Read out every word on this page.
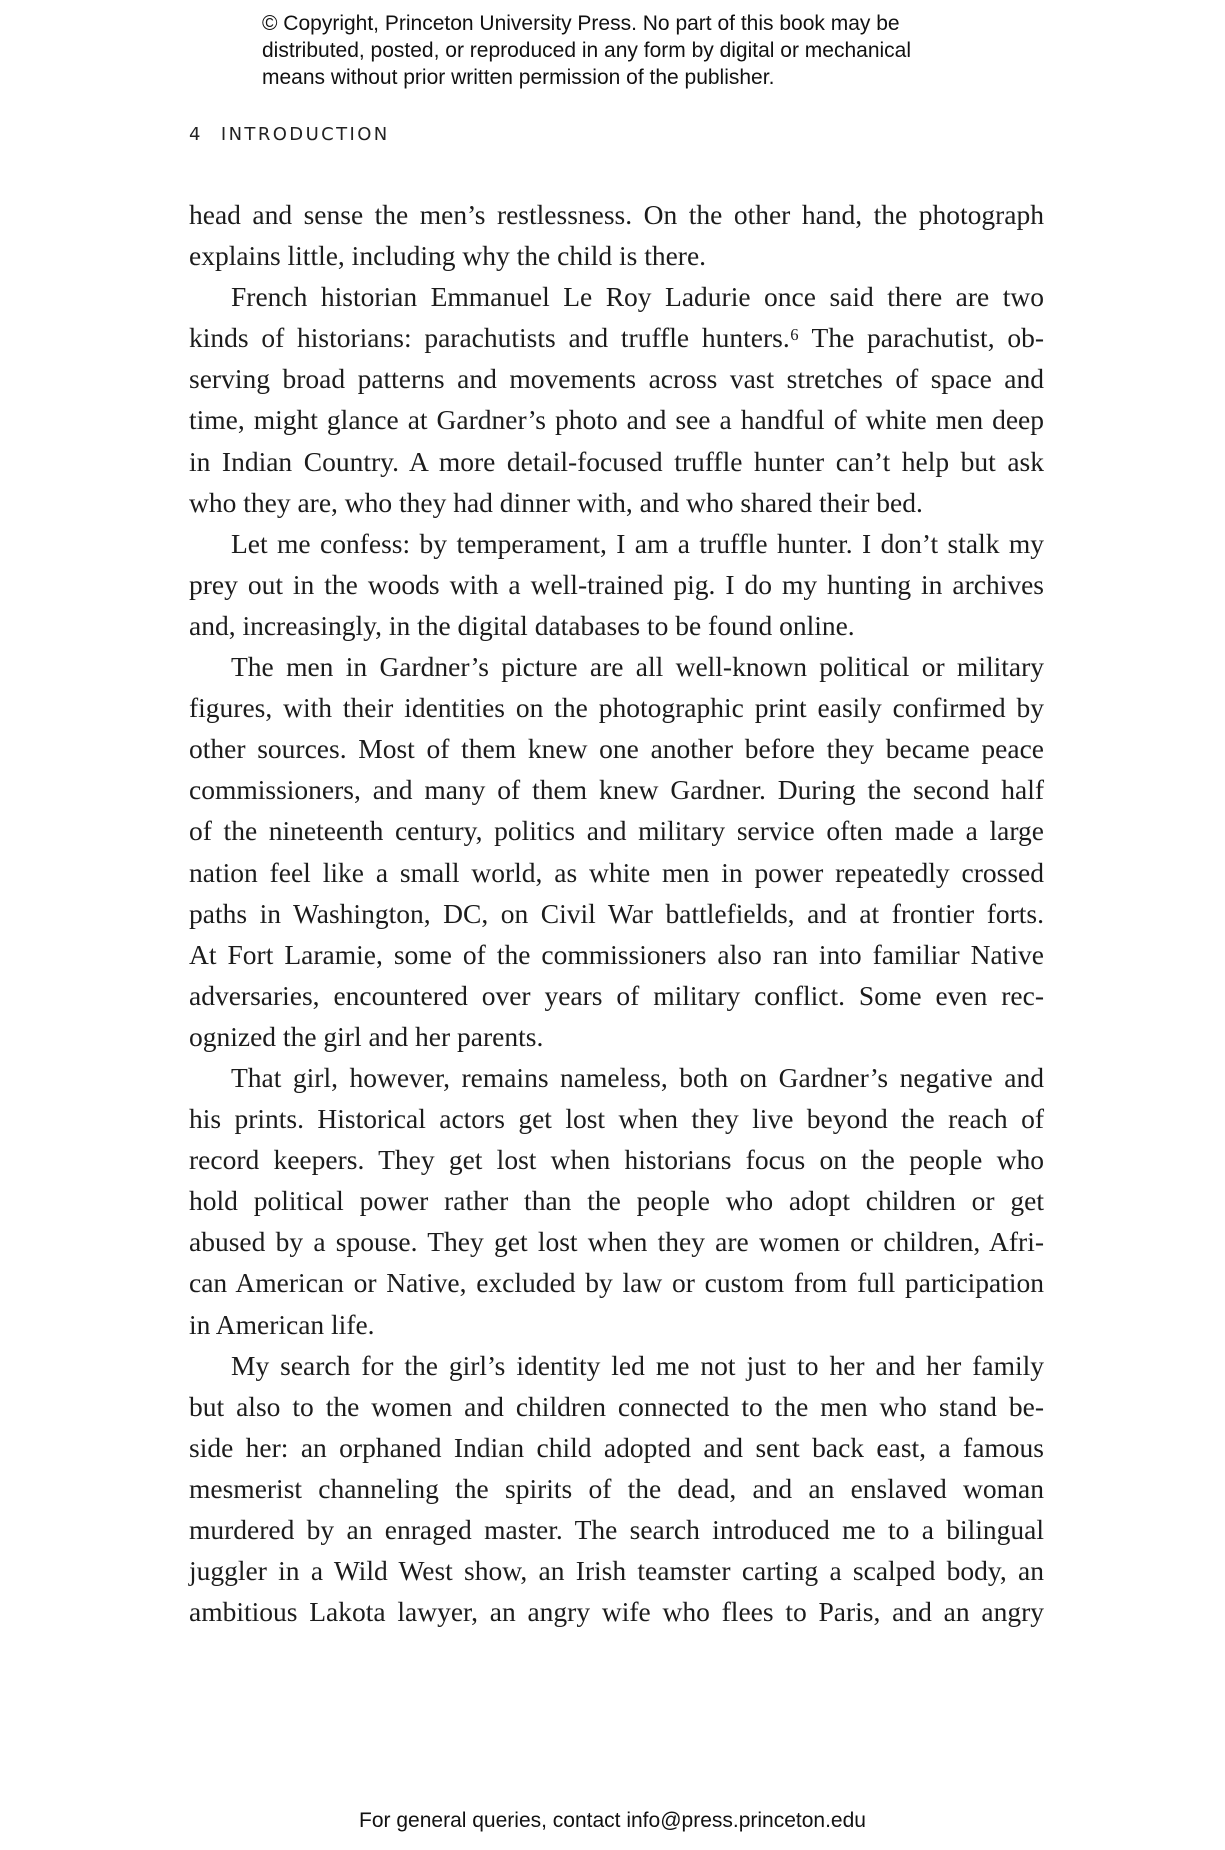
© Copyright, Princeton University Press. No part of this book may be
distributed, posted, or reproduced in any form by digital or mechanical
means without prior written permission of the publisher.
4 INTRODUCTION
head and sense the men’s restlessness. On the other hand, the photograph
explains little, including why the child is there.
French historian Emmanuel Le Roy Ladurie once said there are two
kinds of historians: parachutists and truffle hunters.⁶ The parachutist, ob-
serving broad patterns and movements across vast stretches of space and
time, might glance at Gardner’s photo and see a handful of white men deep
in Indian Country. A more detail-focused truffle hunter can’t help but ask
who they are, who they had dinner with, and who shared their bed.
Let me confess: by temperament, I am a truffle hunter. I don’t stalk my
prey out in the woods with a well-trained pig. I do my hunting in archives
and, increasingly, in the digital databases to be found online.
The men in Gardner’s picture are all well-known political or military
figures, with their identities on the photographic print easily confirmed by
other sources. Most of them knew one another before they became peace
commissioners, and many of them knew Gardner. During the second half
of the nineteenth century, politics and military service often made a large
nation feel like a small world, as white men in power repeatedly crossed
paths in Washington, DC, on Civil War battlefields, and at frontier forts.
At Fort Laramie, some of the commissioners also ran into familiar Native
adversaries, encountered over years of military conflict. Some even rec-
ognized the girl and her parents.
That girl, however, remains nameless, both on Gardner’s negative and
his prints. Historical actors get lost when they live beyond the reach of
record keepers. They get lost when historians focus on the people who
hold political power rather than the people who adopt children or get
abused by a spouse. They get lost when they are women or children, Afri-
can American or Native, excluded by law or custom from full participation
in American life.
My search for the girl’s identity led me not just to her and her family
but also to the women and children connected to the men who stand be-
side her: an orphaned Indian child adopted and sent back east, a famous
mesmerist channeling the spirits of the dead, and an enslaved woman
murdered by an enraged master. The search introduced me to a bilingual
juggler in a Wild West show, an Irish teamster carting a scalped body, an
ambitious Lakota lawyer, an angry wife who flees to Paris, and an angry
For general queries, contact info@press.princeton.edu
